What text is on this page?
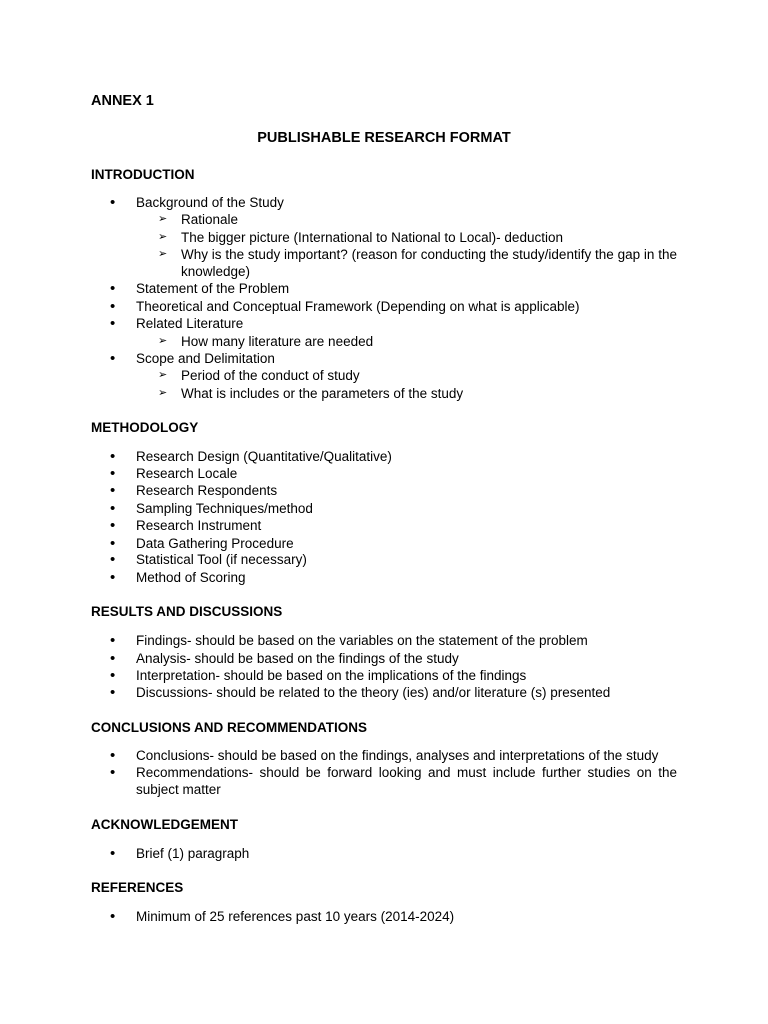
ANNEX 1
PUBLISHABLE RESEARCH FORMAT
INTRODUCTION
• Background of the Study
➢ Rationale
➢ The bigger picture (International to National to Local)- deduction
➢ Why is the study important? (reason for conducting the study/identify the gap in the knowledge)
• Statement of the Problem
• Theoretical and Conceptual Framework (Depending on what is applicable)
• Related Literature
➢ How many literature are needed
• Scope and Delimitation
➢ Period of the conduct of study
➢ What is includes or the parameters of the study
METHODOLOGY
• Research Design (Quantitative/Qualitative)
• Research Locale
• Research Respondents
• Sampling Techniques/method
• Research Instrument
• Data Gathering Procedure
• Statistical Tool (if necessary)
• Method of Scoring
RESULTS AND DISCUSSIONS
• Findings- should be based on the variables on the statement of the problem
• Analysis- should be based on the findings of the study
• Interpretation- should be based on the implications of the findings
• Discussions- should be related to the theory (ies) and/or literature (s) presented
CONCLUSIONS AND RECOMMENDATIONS
• Conclusions- should be based on the findings, analyses and interpretations of the study
• Recommendations- should be forward looking and must include further studies on the subject matter
ACKNOWLEDGEMENT
• Brief (1) paragraph
REFERENCES
• Minimum of 25 references past 10 years (2014-2024)
